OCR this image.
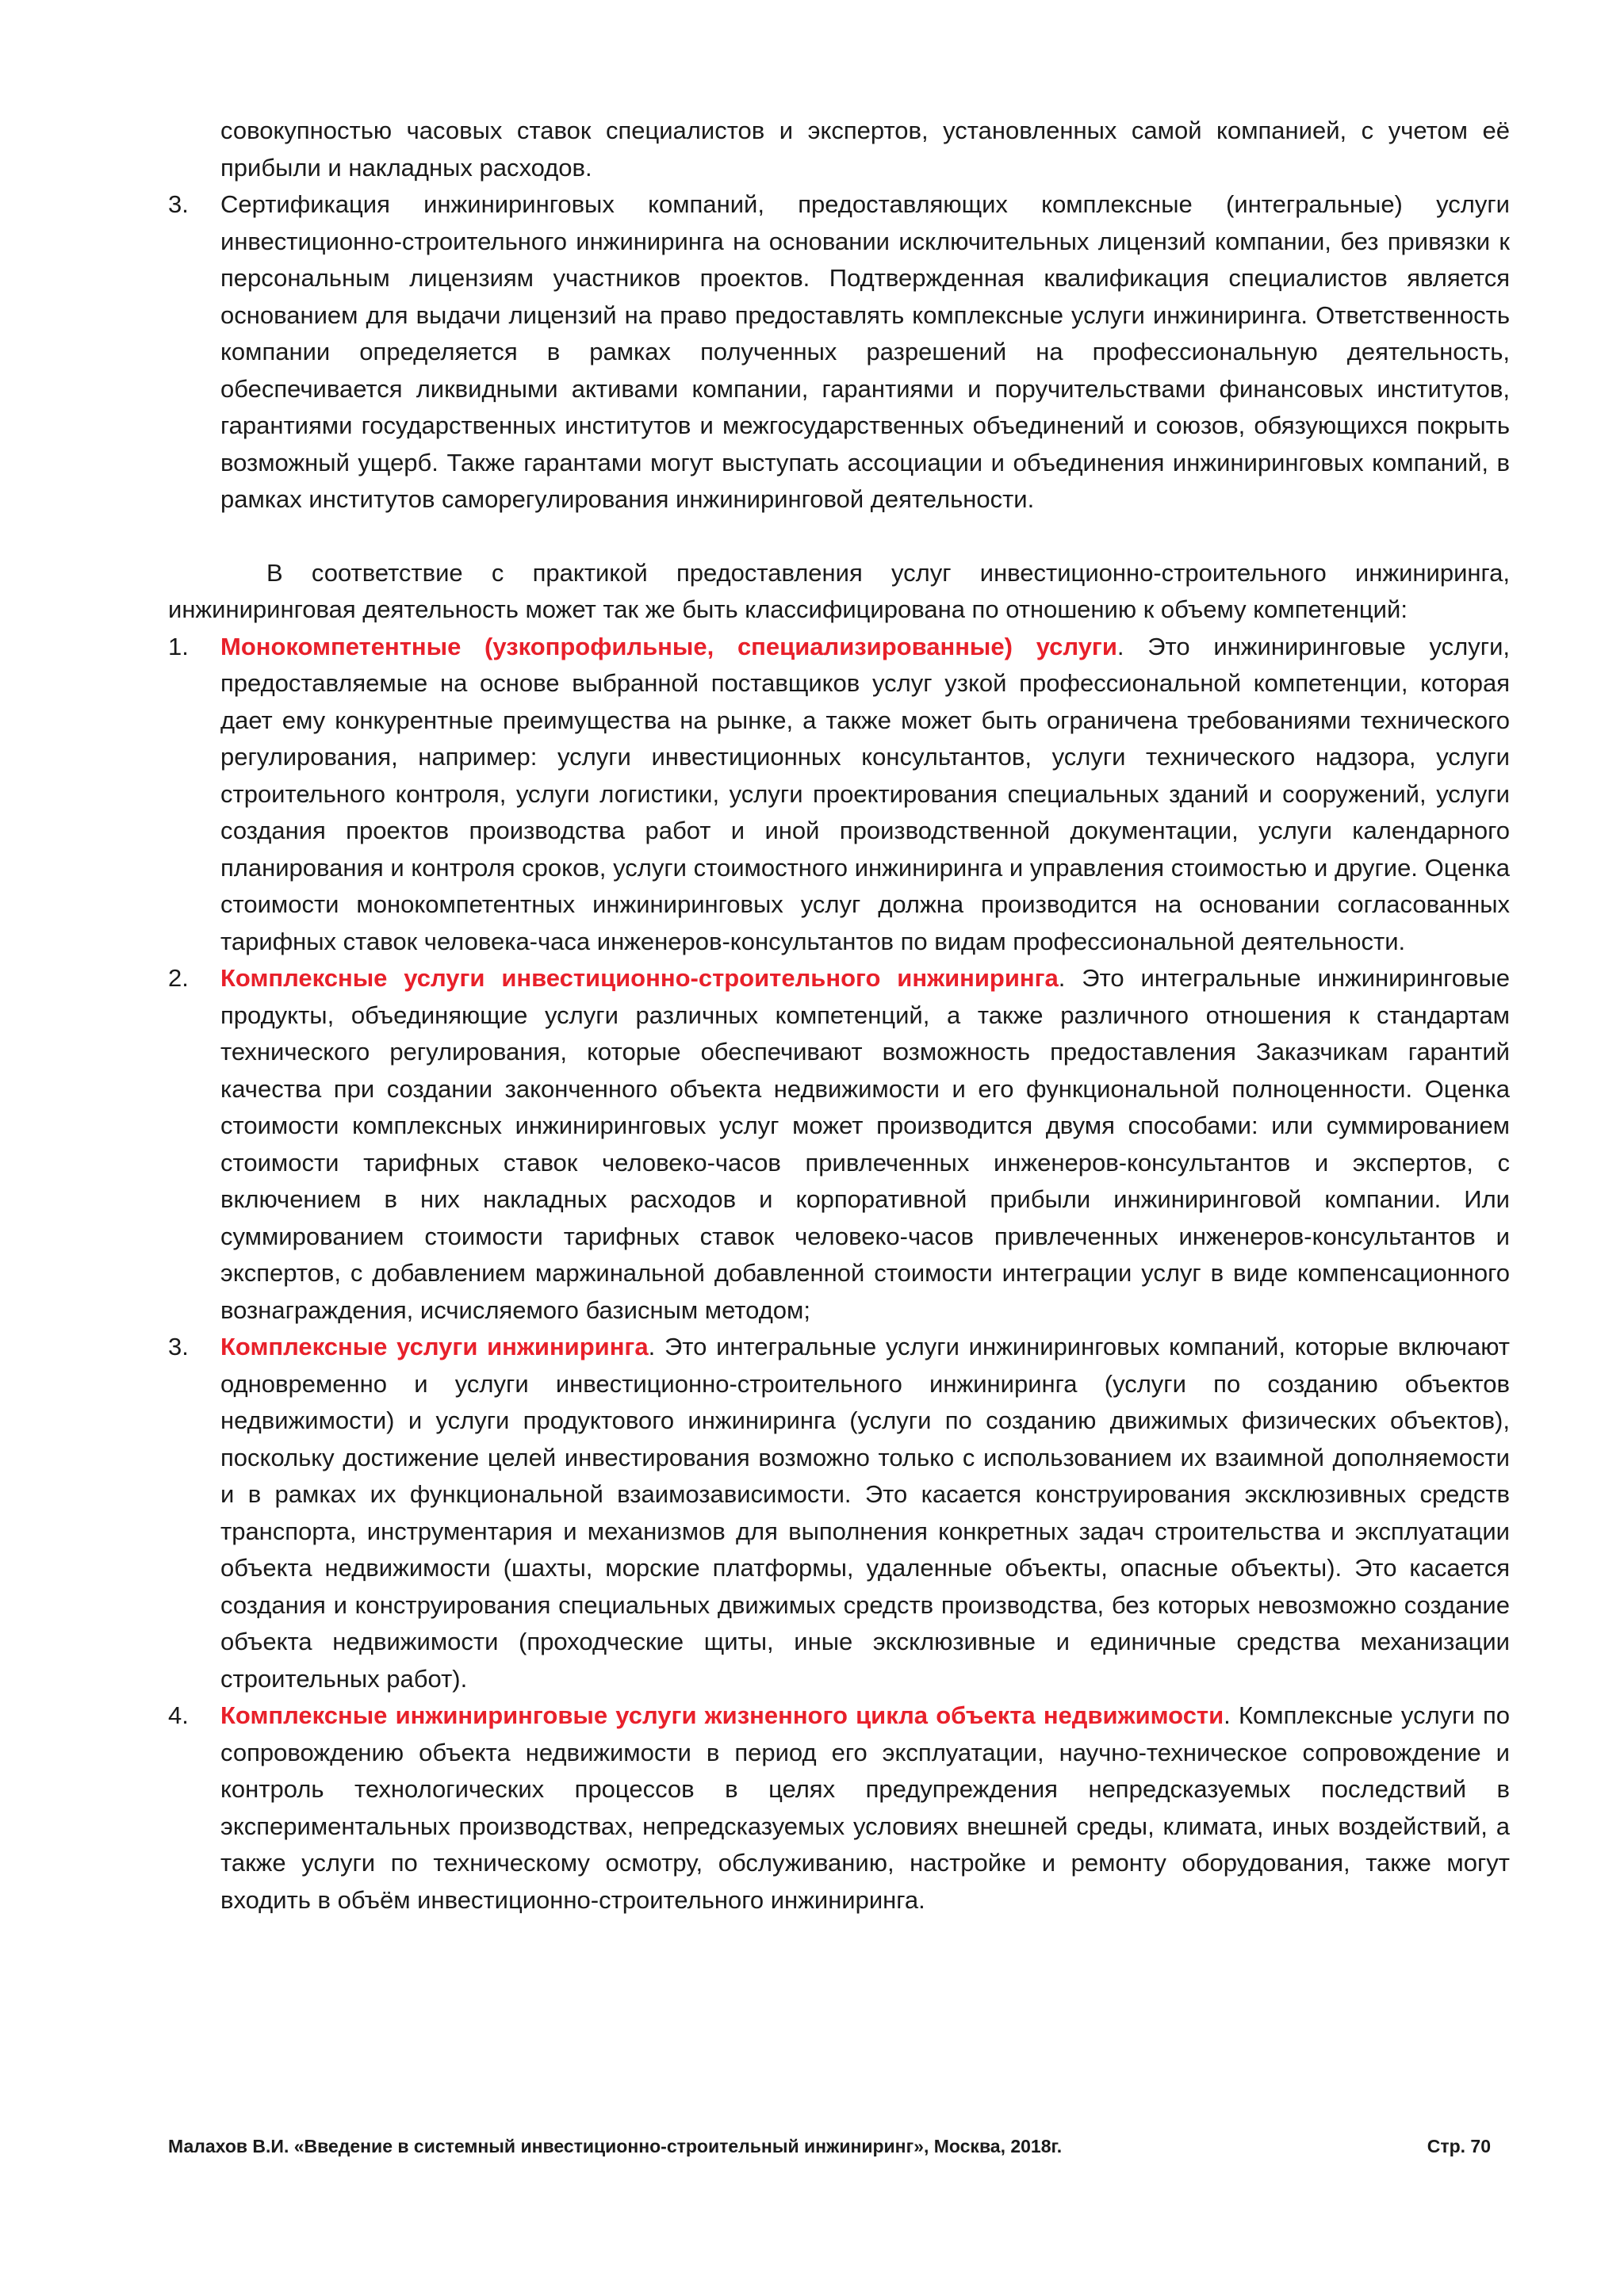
совокупностью часовых ставок специалистов и экспертов, установленных самой компанией, с учетом её прибыли и накладных расходов.

3.	Сертификация инжиниринговых компаний, предоставляющих комплексные (интегральные) услуги инвестиционно-строительного инжиниринга на основании исключительных лицензий компании, без привязки к персональным лицензиям участников проектов. Подтвержденная квалификация специалистов является основанием для выдачи лицензий на право предоставлять комплексные услуги инжиниринга. Ответственность компании определяется в рамках полученных разрешений на профессиональную деятельность, обеспечивается ликвидными активами компании, гарантиями и поручительствами финансовых институтов, гарантиями государственных институтов и межгосударственных объединений и союзов, обязующихся покрыть возможный ущерб. Также гарантами могут выступать ассоциации и объединения инжиниринговых компаний, в рамках институтов саморегулирования инжиниринговой деятельности.

В соответствие с практикой предоставления услуг инвестиционно-строительного инжиниринга, инжиниринговая деятельность может так же быть классифицирована по отношению к объему компетенций:

1.	Монокомпетентные (узкопрофильные, специализированные) услуги. Это инжиниринговые услуги, предоставляемые на основе выбранной поставщиков услуг узкой профессиональной компетенции, которая дает ему конкурентные преимущества на рынке, а также может быть ограничена требованиями технического регулирования, например: услуги инвестиционных консультантов, услуги технического надзора, услуги строительного контроля, услуги логистики, услуги проектирования специальных зданий и сооружений, услуги создания проектов производства работ и иной производственной документации, услуги календарного планирования и контроля сроков, услуги стоимостного инжиниринга и управления стоимостью и другие. Оценка стоимости монокомпетентных инжиниринговых услуг должна производится на основании согласованных тарифных ставок человека-часа инженеров-консультантов по видам профессиональной деятельности.

2.	Комплексные услуги инвестиционно-строительного инжиниринга. Это интегральные инжиниринговые продукты, объединяющие услуги различных компетенций, а также различного отношения к стандартам технического регулирования, которые обеспечивают возможность предоставления Заказчикам гарантий качества при создании законченного объекта недвижимости и его функциональной полноценности. Оценка стоимости комплексных инжиниринговых услуг может производится двумя способами: или суммированием стоимости тарифных ставок человеко-часов привлеченных инженеров-консультантов и экспертов, с включением в них накладных расходов и корпоративной прибыли инжиниринговой компании. Или суммированием стоимости тарифных ставок человеко-часов привлеченных инженеров-консультантов и экспертов, с добавлением маржинальной добавленной стоимости интеграции услуг в виде компенсационного вознаграждения, исчисляемого базисным методом;

3.	Комплексные услуги инжиниринга. Это интегральные услуги инжиниринговых компаний, которые включают одновременно и услуги инвестиционно-строительного инжиниринга (услуги по созданию объектов недвижимости) и услуги продуктового инжиниринга (услуги по созданию движимых физических объектов), поскольку достижение целей инвестирования возможно только с использованием их взаимной дополняемости и в рамках их функциональной взаимозависимости. Это касается конструирования эксклюзивных средств транспорта, инструментария и механизмов для выполнения конкретных задач строительства и эксплуатации объекта недвижимости (шахты, морские платформы, удаленные объекты, опасные объекты). Это касается создания и конструирования специальных движимых средств производства, без которых невозможно создание объекта недвижимости (проходческие щиты, иные эксклюзивные и единичные средства механизации строительных работ).

4.	Комплексные инжиниринговые услуги жизненного цикла объекта недвижимости. Комплексные услуги по сопровождению объекта недвижимости в период его эксплуатации, научно-техническое сопровождение и контроль технологических процессов в целях предупреждения непредсказуемых последствий в экспериментальных производствах, непредсказуемых условиях внешней среды, климата, иных воздействий, а также услуги по техническому осмотру, обслуживанию, настройке и ремонту оборудования, также могут входить в объём инвестиционно-строительного инжиниринга.

Малахов В.И. «Введение в системный инвестиционно-строительный инжиниринг», Москва, 2018г.	Стр. 70
